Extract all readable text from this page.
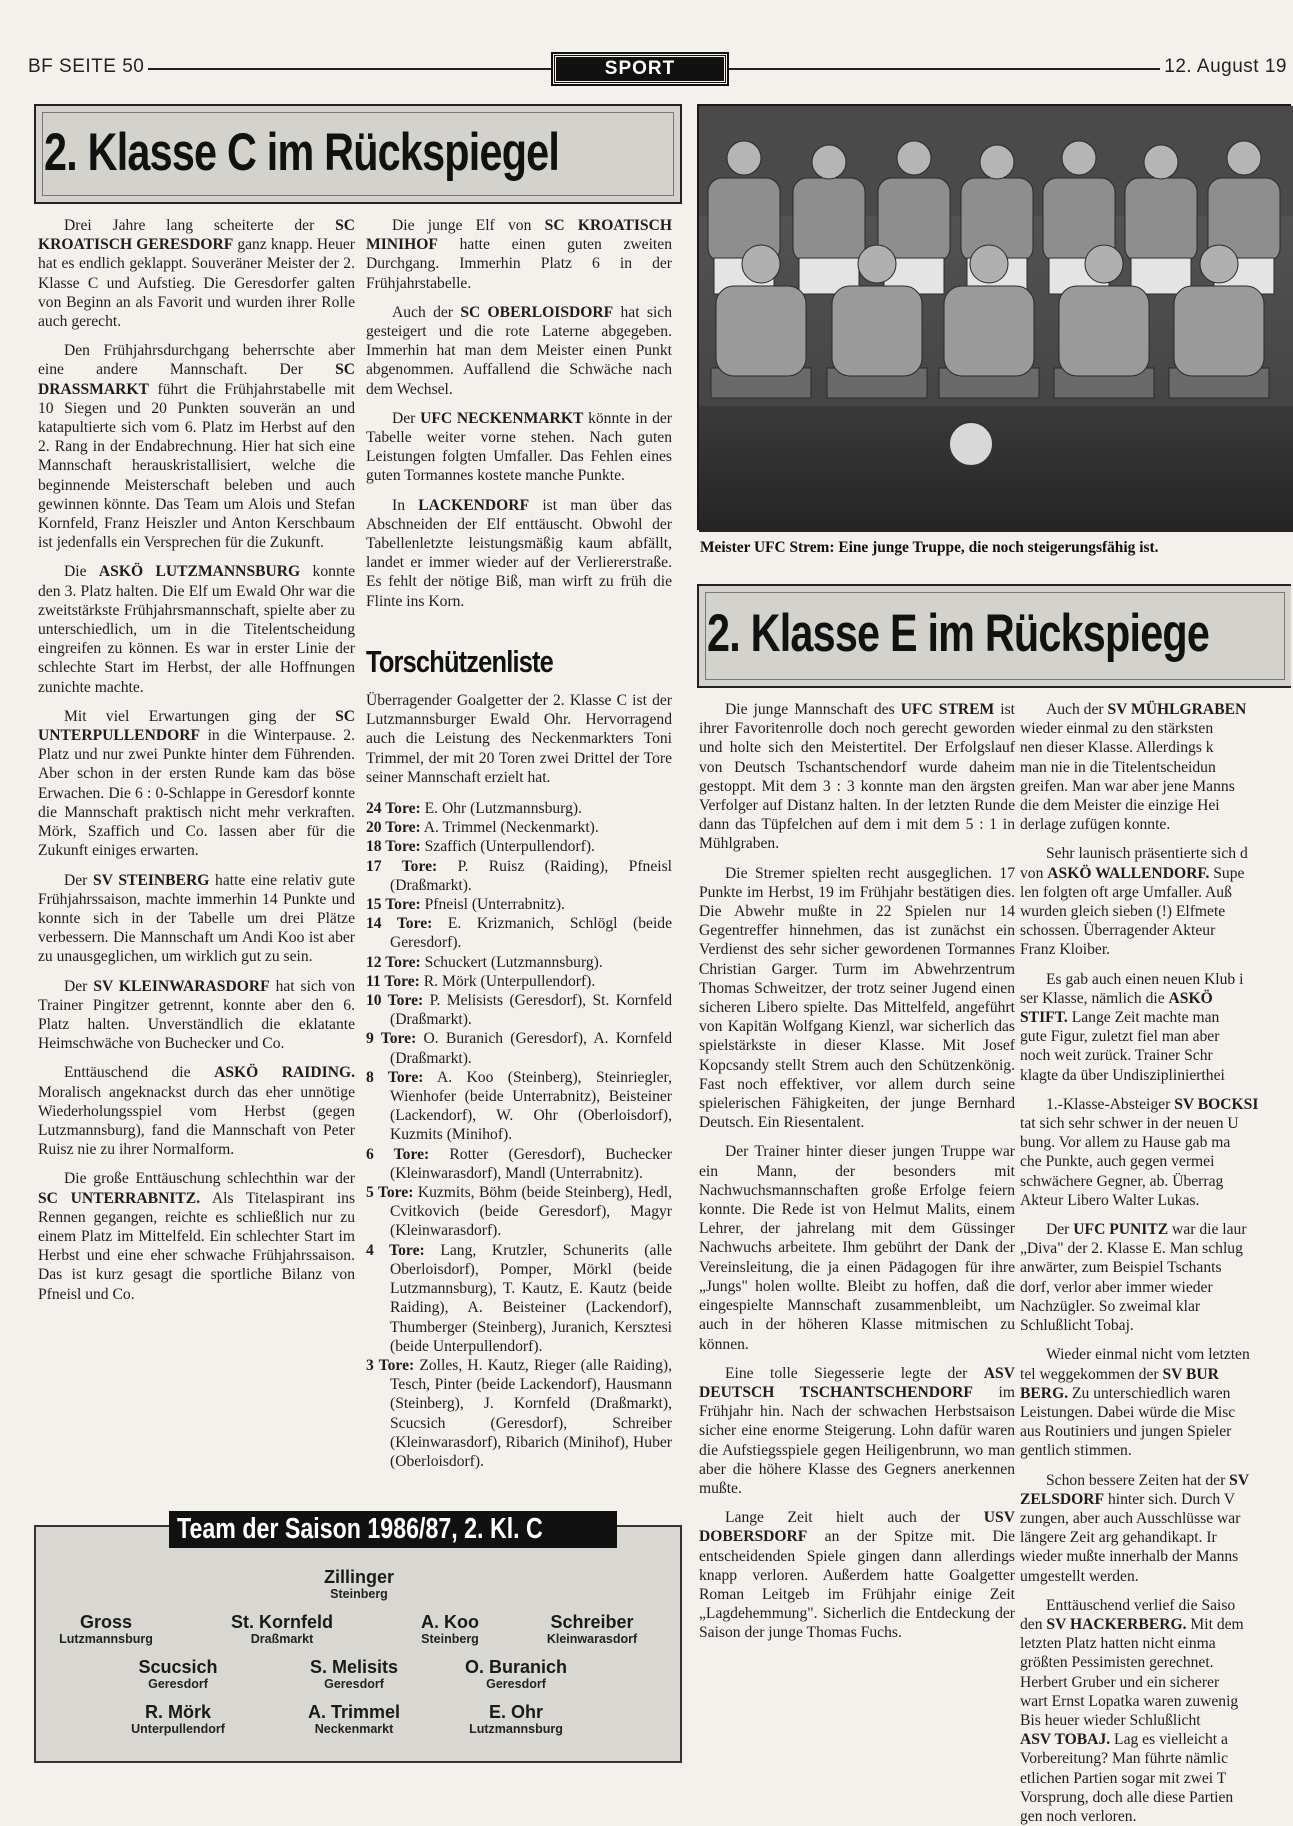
BF SEITE 50	SPORT	12. August 19
2. Klasse C im Rückspiegel

Drei Jahre lang scheiterte der SC KROATISCH GERESDORF ganz knapp. Heuer hat es endlich geklappt. Souveräner Meister der 2. Klasse C und Aufstieg. Die Geresdorfer galten von Beginn an als Favorit und wurden ihrer Rolle auch gerecht.

Den Frühjahrsdurchgang beherrschte aber eine andere Mannschaft. Der SC DRASSMARKT führt die Frühjahrstabelle mit 10 Siegen und 20 Punkten souverän an und katapultierte sich vom 6. Platz im Herbst auf den 2. Rang in der Endabrechnung. Hier hat sich eine Mannschaft herauskristallisiert, welche die beginnende Meisterschaft beleben und auch gewinnen könnte. Das Team um Alois und Stefan Kornfeld, Franz Heiszler und Anton Kerschbaum ist jedenfalls ein Versprechen für die Zukunft.

Die ASKÖ LUTZMANNSBURG konnte den 3. Platz halten. Die Elf um Ewald Ohr war die zweitstärkste Frühjahrsmannschaft, spielte aber zu unterschiedlich, um in die Titelentscheidung eingreifen zu können. Es war in erster Linie der schlechte Start im Herbst, der alle Hoffnungen zunichte machte.

Mit viel Erwartungen ging der SC UNTERPULLENDORF in die Winterpause. 2. Platz und nur zwei Punkte hinter dem Führenden. Aber schon in der ersten Runde kam das böse Erwachen. Die 6 : 0-Schlappe in Geresdorf konnte die Mannschaft praktisch nicht mehr verkraften. Mörk, Szaffich und Co. lassen aber für die Zukunft einiges erwarten.

Der SV STEINBERG hatte eine relativ gute Frühjahrssaison, machte immerhin 14 Punkte und konnte sich in der Tabelle um drei Plätze verbessern. Die Mannschaft um Andi Koo ist aber zu unausgeglichen, um wirklich gut zu sein.

Der SV KLEINWARASDORF hat sich von Trainer Pingitzer getrennt, konnte aber den 6. Platz halten. Unverständlich die eklatante Heimschwäche von Buchecker und Co.

Enttäuschend die ASKÖ RAIDING. Moralisch angeknackst durch das eher unnötige Wiederholungsspiel vom Herbst (gegen Lutzmannsburg), fand die Mannschaft von Peter Ruisz nie zu ihrer Normalform.

Die große Enttäuschung schlechthin war der SC UNTERRABNITZ. Als Titelaspirant ins Rennen gegangen, reichte es schließlich nur zu einem Platz im Mittelfeld. Ein schlechter Start im Herbst und eine eher schwache Frühjahrssaison. Das ist kurz gesagt die sportliche Bilanz von Pfneisl und Co.

Die junge Elf von SC KROATISCH MINIHOF hatte einen guten zweiten Durchgang. Immerhin Platz 6 in der Frühjahrstabelle.

Auch der SC OBERLOISDORF hat sich gesteigert und die rote Laterne abgegeben. Immerhin hat man dem Meister einen Punkt abgenommen. Auffallend die Schwäche nach dem Wechsel.

Der UFC NECKENMARKT könnte in der Tabelle weiter vorne stehen. Nach guten Leistungen folgten Umfaller. Das Fehlen eines guten Tormannes kostete manche Punkte.

In LACKENDORF ist man über das Abschneiden der Elf enttäuscht. Obwohl der Tabellenletzte leistungsmäßig kaum abfällt, landet er immer wieder auf der Verliererstraße. Es fehlt der nötige Biß, man wirft zu früh die Flinte ins Korn.

Torschützenliste

Überragender Goalgetter der 2. Klasse C ist der Lutzmannsburger Ewald Ohr. Hervorragend auch die Leistung des Neckenmarkters Toni Trimmel, der mit 20 Toren zwei Drittel der Tore seiner Mannschaft erzielt hat.

24 Tore: E. Ohr (Lutzmannsburg).

20 Tore: A. Trimmel (Neckenmarkt).

18 Tore: Szaffich (Unterpullendorf).

17 Tore: P. Ruisz (Raiding), Pfneisl (Draßmarkt).

15 Tore: Pfneisl (Unterrabnitz).

14 Tore: E. Krizmanich, Schlögl (beide Geresdorf).

12 Tore: Schuckert (Lutzmannsburg).

11 Tore: R. Mörk (Unterpullendorf).

10 Tore: P. Melisists (Geresdorf), St. Kornfeld (Draßmarkt).

9 Tore: O. Buranich (Geresdorf), A. Kornfeld (Draßmarkt).

8 Tore: A. Koo (Steinberg), Steinriegler, Wienhofer (beide Unterrabnitz), Beisteiner (Lackendorf), W. Ohr (Oberloisdorf), Kuzmits (Minihof).

6 Tore: Rotter (Geresdorf), Buchecker (Kleinwarasdorf), Mandl (Unterrabnitz).

5 Tore: Kuzmits, Böhm (beide Steinberg), Hedl, Cvitkovich (beide Geresdorf), Magyr (Kleinwarasdorf).

4 Tore: Lang, Krutzler, Schunerits (alle Oberloisdorf), Pomper, Mörkl (beide Lutzmannsburg), T. Kautz, E. Kautz (beide Raiding), A. Beisteiner (Lackendorf), Thumberger (Steinberg), Juranich, Kersztesi (beide Unterpullendorf).

3 Tore: Zolles, H. Kautz, Rieger (alle Raiding), Tesch, Pinter (beide Lackendorf), Hausmann (Steinberg), J. Kornfeld (Draßmarkt), Scucsich (Geresdorf), Schreiber (Kleinwarasdorf), Ribarich (Minihof), Huber (Oberloisdorf).

Team der Saison 1986/87, 2. Kl. C
Zillinger
Steinberg
Gross
Lutzmannsburg
St. Kornfeld
Draßmarkt
A. Koo
Steinberg
Schreiber
Kleinwarasdorf
Scucsich
Geresdorf
S. Melisits
Geresdorf
O. Buranich
Geresdorf
R. Mörk
Unterpullendorf
A. Trimmel
Neckenmarkt
E. Ohr
Lutzmannsburg
Meister UFC Strem: Eine junge Truppe, die noch steigerungsfähig ist.
2. Klasse E im Rückspiege

Die junge Mannschaft des UFC STREM ist ihrer Favoritenrolle doch noch gerecht geworden und holte sich den Meistertitel. Der Erfolgslauf von Deutsch Tschantschendorf wurde daheim gestoppt. Mit dem 3 : 3 konnte man den ärgsten Verfolger auf Distanz halten. In der letzten Runde dann das Tüpfelchen auf dem i mit dem 5 : 1 in Mühlgraben.

Die Stremer spielten recht ausgeglichen. 17 Punkte im Herbst, 19 im Frühjahr bestätigen dies. Die Abwehr mußte in 22 Spielen nur 14 Gegentreffer hinnehmen, das ist zunächst ein Verdienst des sehr sicher gewordenen Tormannes Christian Garger. Turm im Abwehrzentrum Thomas Schweitzer, der trotz seiner Jugend einen sicheren Libero spielte. Das Mittelfeld, angeführt von Kapitän Wolfgang Kienzl, war sicherlich das spielstärkste in dieser Klasse. Mit Josef Kopcsandy stellt Strem auch den Schützenkönig. Fast noch effektiver, vor allem durch seine spielerischen Fähigkeiten, der junge Bernhard Deutsch. Ein Riesentalent.

Der Trainer hinter dieser jungen Truppe war ein Mann, der besonders mit Nachwuchsmannschaften große Erfolge feiern konnte. Die Rede ist von Helmut Malits, einem Lehrer, der jahrelang mit dem Güssinger Nachwuchs arbeitete. Ihm gebührt der Dank der Vereinsleitung, die ja einen Pädagogen für ihre „Jungs" holen wollte. Bleibt zu hoffen, daß die eingespielte Mannschaft zusammenbleibt, um auch in der höheren Klasse mitmischen zu können.

Eine tolle Siegesserie legte der ASV DEUTSCH TSCHANTSCHENDORF im Frühjahr hin. Nach der schwachen Herbstsaison sicher eine enorme Steigerung. Lohn dafür waren die Aufstiegsspiele gegen Heiligenbrunn, wo man aber die höhere Klasse des Gegners anerkennen mußte.

Lange Zeit hielt auch der USV DOBERSDORF an der Spitze mit. Die entscheidenden Spiele gingen dann allerdings knapp verloren. Außerdem hatte Goalgetter Roman Leitgeb im Frühjahr einige Zeit „Lagdehemmung". Sicherlich die Entdeckung der Saison der junge Thomas Fuchs.

Auch der SV MÜHLGRABEN

wieder einmal zu den stärksten

nen dieser Klasse. Allerdings k

man nie in die Titelentscheidun

greifen. Man war aber jene Manns

die dem Meister die einzige Hei

derlage zufügen konnte.

Sehr launisch präsentierte sich d

von ASKÖ WALLENDORF. Supe

len folgten oft arge Umfaller. Auß

wurden gleich sieben (!) Elfmete

schossen. Überragender Akteur

Franz Kloiber.

Es gab auch einen neuen Klub i

ser Klasse, nämlich die ASKÖ

STIFT. Lange Zeit machte man

gute Figur, zuletzt fiel man aber

noch weit zurück. Trainer Schr

klagte da über Undisziplinierthei

1.-Klasse-Absteiger SV BOCKSI

tat sich sehr schwer in der neuen U

bung. Vor allem zu Hause gab ma

che Punkte, auch gegen vermei

schwächere Gegner, ab. Überrag

Akteur Libero Walter Lukas.

Der UFC PUNITZ war die laur

„Diva" der 2. Klasse E. Man schlug

anwärter, zum Beispiel Tschants

dorf, verlor aber immer wieder

Nachzügler. So zweimal klar

Schlußlicht Tobaj.

Wieder einmal nicht vom letzten

tel weggekommen der SV BUR

BERG. Zu unterschiedlich waren

Leistungen. Dabei würde die Misc

aus Routiniers und jungen Spieler

gentlich stimmen.

Schon bessere Zeiten hat der SV

ZELSDORF hinter sich. Durch V

zungen, aber auch Ausschlüsse war

längere Zeit arg gehandikapt. Ir

wieder mußte innerhalb der Manns

umgestellt werden.

Enttäuschend verlief die Saiso

den SV HACKERBERG. Mit dem

letzten Platz hatten nicht einma

größten Pessimisten gerechnet.

Herbert Gruber und ein sicherer

wart Ernst Lopatka waren zuwenig

Bis heuer wieder Schlußlicht

ASV TOBAJ. Lag es vielleicht a

Vorbereitung? Man führte nämlic

etlichen Partien sogar mit zwei T

Vorsprung, doch alle diese Partien

gen noch verloren.
